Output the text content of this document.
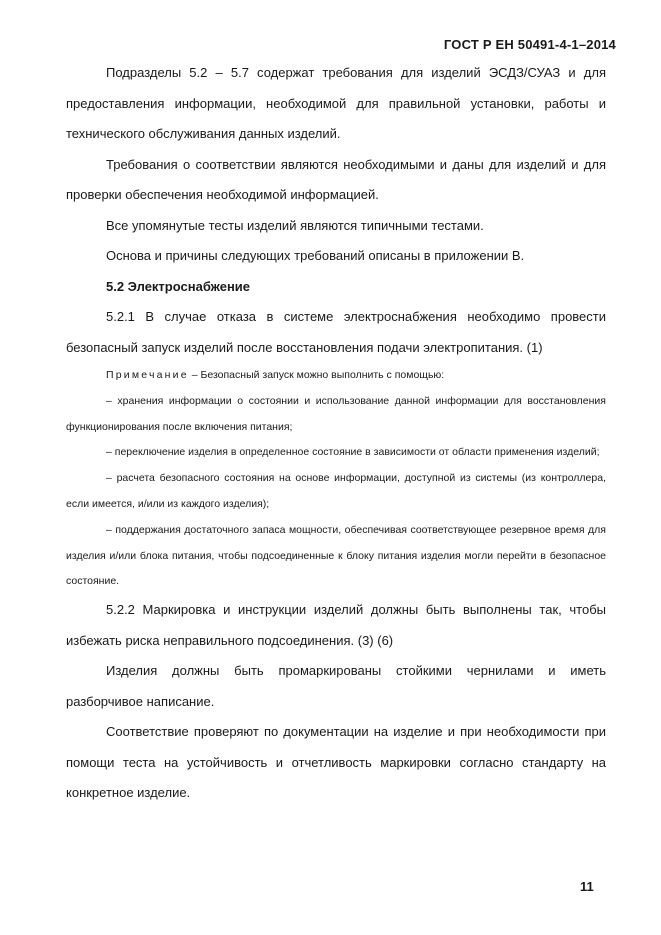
ГОСТ Р ЕН 50491-4-1–2014

Подразделы 5.2 – 5.7 содержат требования для изделий ЭСДЗ/СУАЗ и для предоставления информации, необходимой для правильной установки, работы и технического обслуживания данных изделий.

Требования о соответствии являются необходимыми и даны для изделий и для проверки обеспечения необходимой информацией.

Все упомянутые тесты изделий являются типичными тестами.

Основа и причины следующих требований описаны в приложении В.

5.2 Электроснабжение

5.2.1 В случае отказа в системе электроснабжения необходимо провести безопасный запуск изделий после восстановления подачи электропитания. (1)

Примечание – Безопасный запуск можно выполнить с помощью:

– хранения информации о состоянии и использование данной информации для восстановления функционирования после включения питания;

– переключение изделия в определенное состояние в зависимости от области применения изделий;

– расчета безопасного состояния на основе информации, доступной из системы (из контроллера, если имеется, и/или из каждого изделия);

– поддержания достаточного запаса мощности, обеспечивая соответствующее резервное время для изделия и/или блока питания, чтобы подсоединенные к блоку питания изделия могли перейти в безопасное состояние.

5.2.2 Маркировка и инструкции изделий должны быть выполнены так, чтобы избежать риска неправильного подсоединения. (3) (6)

Изделия должны быть промаркированы стойкими чернилами и иметь разборчивое написание.

Соответствие проверяют по документации на изделие и при необходимости при помощи теста на устойчивость и отчетливость маркировки согласно стандарту на конкретное изделие.

11
